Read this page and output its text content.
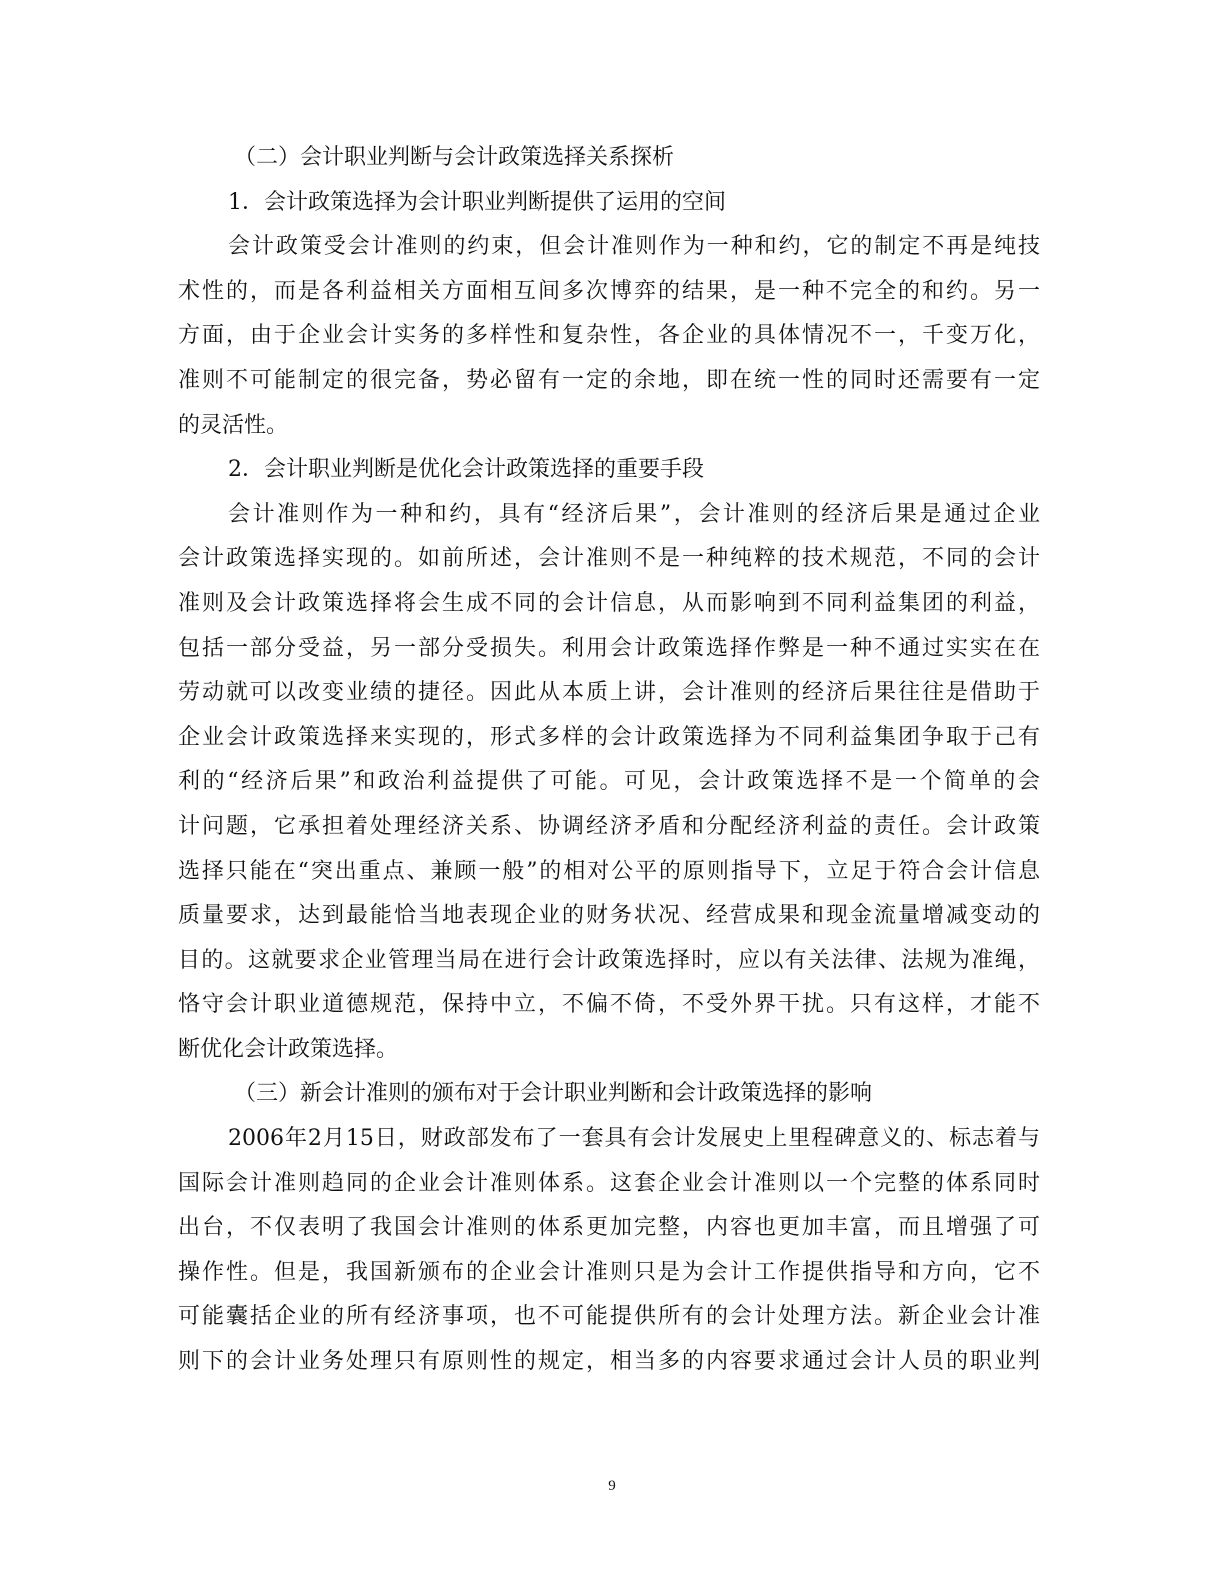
（二）会计职业判断与会计政策选择关系探析
1．会计政策选择为会计职业判断提供了运用的空间
会计政策受会计准则的约束，但会计准则作为一种和约，它的制定不再是纯技
术性的，而是各利益相关方面相互间多次博弈的结果，是一种不完全的和约。另一
方面，由于企业会计实务的多样性和复杂性，各企业的具体情况不一，千变万化，
准则不可能制定的很完备，势必留有一定的余地，即在统一性的同时还需要有一定
的灵活性。
2．会计职业判断是优化会计政策选择的重要手段
会计准则作为一种和约，具有“经济后果”，会计准则的经济后果是通过企业
会计政策选择实现的。如前所述，会计准则不是一种纯粹的技术规范，不同的会计
准则及会计政策选择将会生成不同的会计信息，从而影响到不同利益集团的利益，
包括一部分受益，另一部分受损失。利用会计政策选择作弊是一种不通过实实在在
劳动就可以改变业绩的捷径。因此从本质上讲，会计准则的经济后果往往是借助于
企业会计政策选择来实现的，形式多样的会计政策选择为不同利益集团争取于己有
利的“经济后果”和政治利益提供了可能。可见，会计政策选择不是一个简单的会
计问题，它承担着处理经济关系、协调经济矛盾和分配经济利益的责任。会计政策
选择只能在“突出重点、兼顾一般”的相对公平的原则指导下，立足于符合会计信息
质量要求，达到最能恰当地表现企业的财务状况、经营成果和现金流量增减变动的
目的。这就要求企业管理当局在进行会计政策选择时，应以有关法律、法规为准绳，
恪守会计职业道德规范，保持中立，不偏不倚，不受外界干扰。只有这样，才能不
断优化会计政策选择。
（三）新会计准则的颁布对于会计职业判断和会计政策选择的影响
2006年2月15日，财政部发布了一套具有会计发展史上里程碑意义的、标志着与
国际会计准则趋同的企业会计准则体系。这套企业会计准则以一个完整的体系同时
出台，不仅表明了我国会计准则的体系更加完整，内容也更加丰富，而且增强了可
操作性。但是，我国新颁布的企业会计准则只是为会计工作提供指导和方向，它不
可能囊括企业的所有经济事项，也不可能提供所有的会计处理方法。新企业会计准
则下的会计业务处理只有原则性的规定，相当多的内容要求通过会计人员的职业判
9
